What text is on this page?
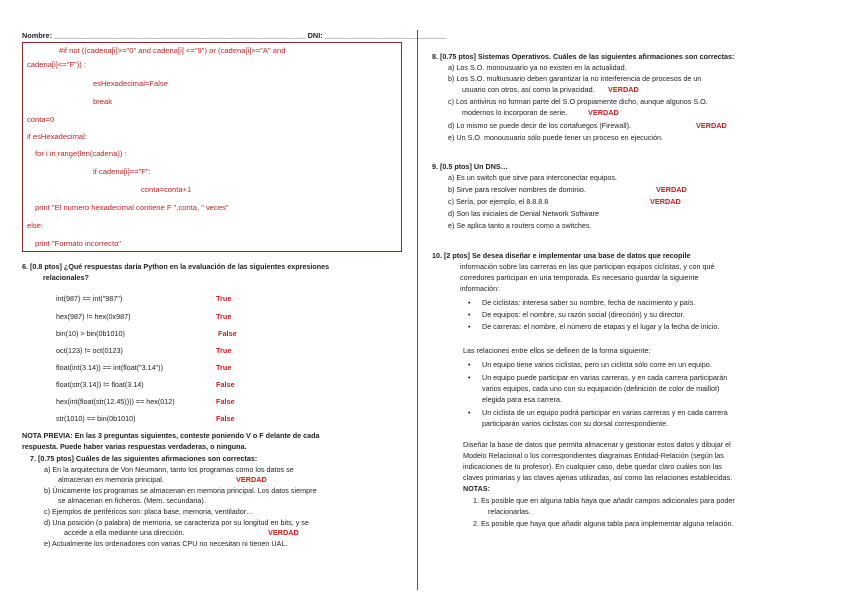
Nombre: ______________________________________________________________ DNI: ______________________________
#if not ((cadena[i]>="0" and cadena[i] <="9") or (cadena[i]>="A" and
cadena[i]<="F")) :
esHexadecimal=False
break
conta=0
if esHexadecimal:
for i in range(len(cadena)) :
if cadena[i]=="F":
conta=conta+1
print "El numero hexadecimal contiene F ",conta, " veces"
else:
print "Formato incorrecto"
6. [0.8 ptos] ¿Qué respuestas daría Python en la evaluación de las siguientes expresiones
relacionales?
int(987) == int("987")	True
hex(987) != hex(0x987)	True
bin(10) > bin(0b1010)	False
oct(123) != oct(0123)	True
float(int(3.14)) == int(float("3.14"))	True
float(str(3.14)) != float(3.14)	False
hex(int(float(str(12.45)))) == hex(012)	False
str(1010) == bin(0b1010)	False
NOTA PREVIA: En las 3 preguntas siguientes, conteste poniendo V o F delante de cada
respuesta. Puede haber varias respuestas verdaderas, o ninguna.
7. [0.75 ptos] Cuáles de las siguientes afirmaciones son correctas:
a) En la arquitectura de Von Neumann, tanto los programas como los datos se
almacenan en memoria principal.	VERDAD
b) Únicamente los programas se almacenan en memoria principal. Los datos siempre
se almacenan en ficheros. (Mem. secundaria).
c) Ejemplos de periféricos son: placa base, memoria, ventilador…
d) Una posición (o palabra) de memoria, se caracteriza por su longitud en bits, y se
accede a ella mediante una dirección.	VERDAD
e) Actualmente los ordenadores con varias CPU no necesitan ni tienen UAL.
8. [0.75 ptos] Sistemas Operativos. Cuáles de las siguientes afirmaciones son correctas:
a) Los S.O. monousuario ya no existen en la actualidad.
b) Los S.O. multiusuario deben garantizar la no interferencia de procesos de un
usuario con otros, así como la privacidad. VERDAD
c) Los antivirus no forman parte del S.O propiamente dicho, aunque algunos S.O.
modernos lo incorporan de serie.	VERDAD
d) Lo mismo se puede decir de los cortafuegos (Firewall).	VERDAD
e) Un S.O. monousuario sólo puede tener un proceso en ejecución.
9. [0.5 ptos] Un DNS…
a) Es un switch que sirve para interconectar equipos.
b) Sirve para resolver nombres de dominio.	VERDAD
c) Sería, por ejemplo, el 8.8.8.8	VERDAD
d) Son las iniciales de Denial Network Software
e) Se aplica tanto a routers como a switches.
10. [2 ptos] Se desea diseñar e implementar una base de datos que recopile
información sobre las carreras en las que participan equipos ciclistas, y con qué
corredores participan en una temporada. Es necesario guardar la siguiente
información:
• De ciclistas: interesa saber su nombre, fecha de nacimiento y país.
• De equipos: el nombre, su razón social (dirección) y su director.
• De carreras: el nombre, el número de etapas y el lugar y la fecha de inicio.
Las relaciones entre ellos se definen de la forma siguiente:
• Un equipo tiene varios ciclistas, pero un ciclista sólo corre en un equipo.
• Un equipo puede participar en varias carreras, y en cada carrera participarán
varios equipos, cada uno con su equipación (definición de color de maillot)
elegida para esa carrera.
• Un ciclista de un equipo podrá participar en varias carreras y en cada carrera
participarán varios ciclistas con su dorsal correspondiente.
Diseñar la base de datos que permita almacenar y gestionar estos datos y dibujar el
Modelo Relacional o los correspondientes diagramas Entidad-Relación (según las
indicaciones de tu profesor). En cualquier caso, debe quedar claro cuáles son las
claves primarias y las claves ajenas utilizadas, así como las relaciones establecidas.
NOTAS:
1. Es posible que en alguna tabla haya que añadir campos adicionales para poder
relacionarlas.
2. Es posible que haya que añadir alguna tabla para implementar alguna relación.
